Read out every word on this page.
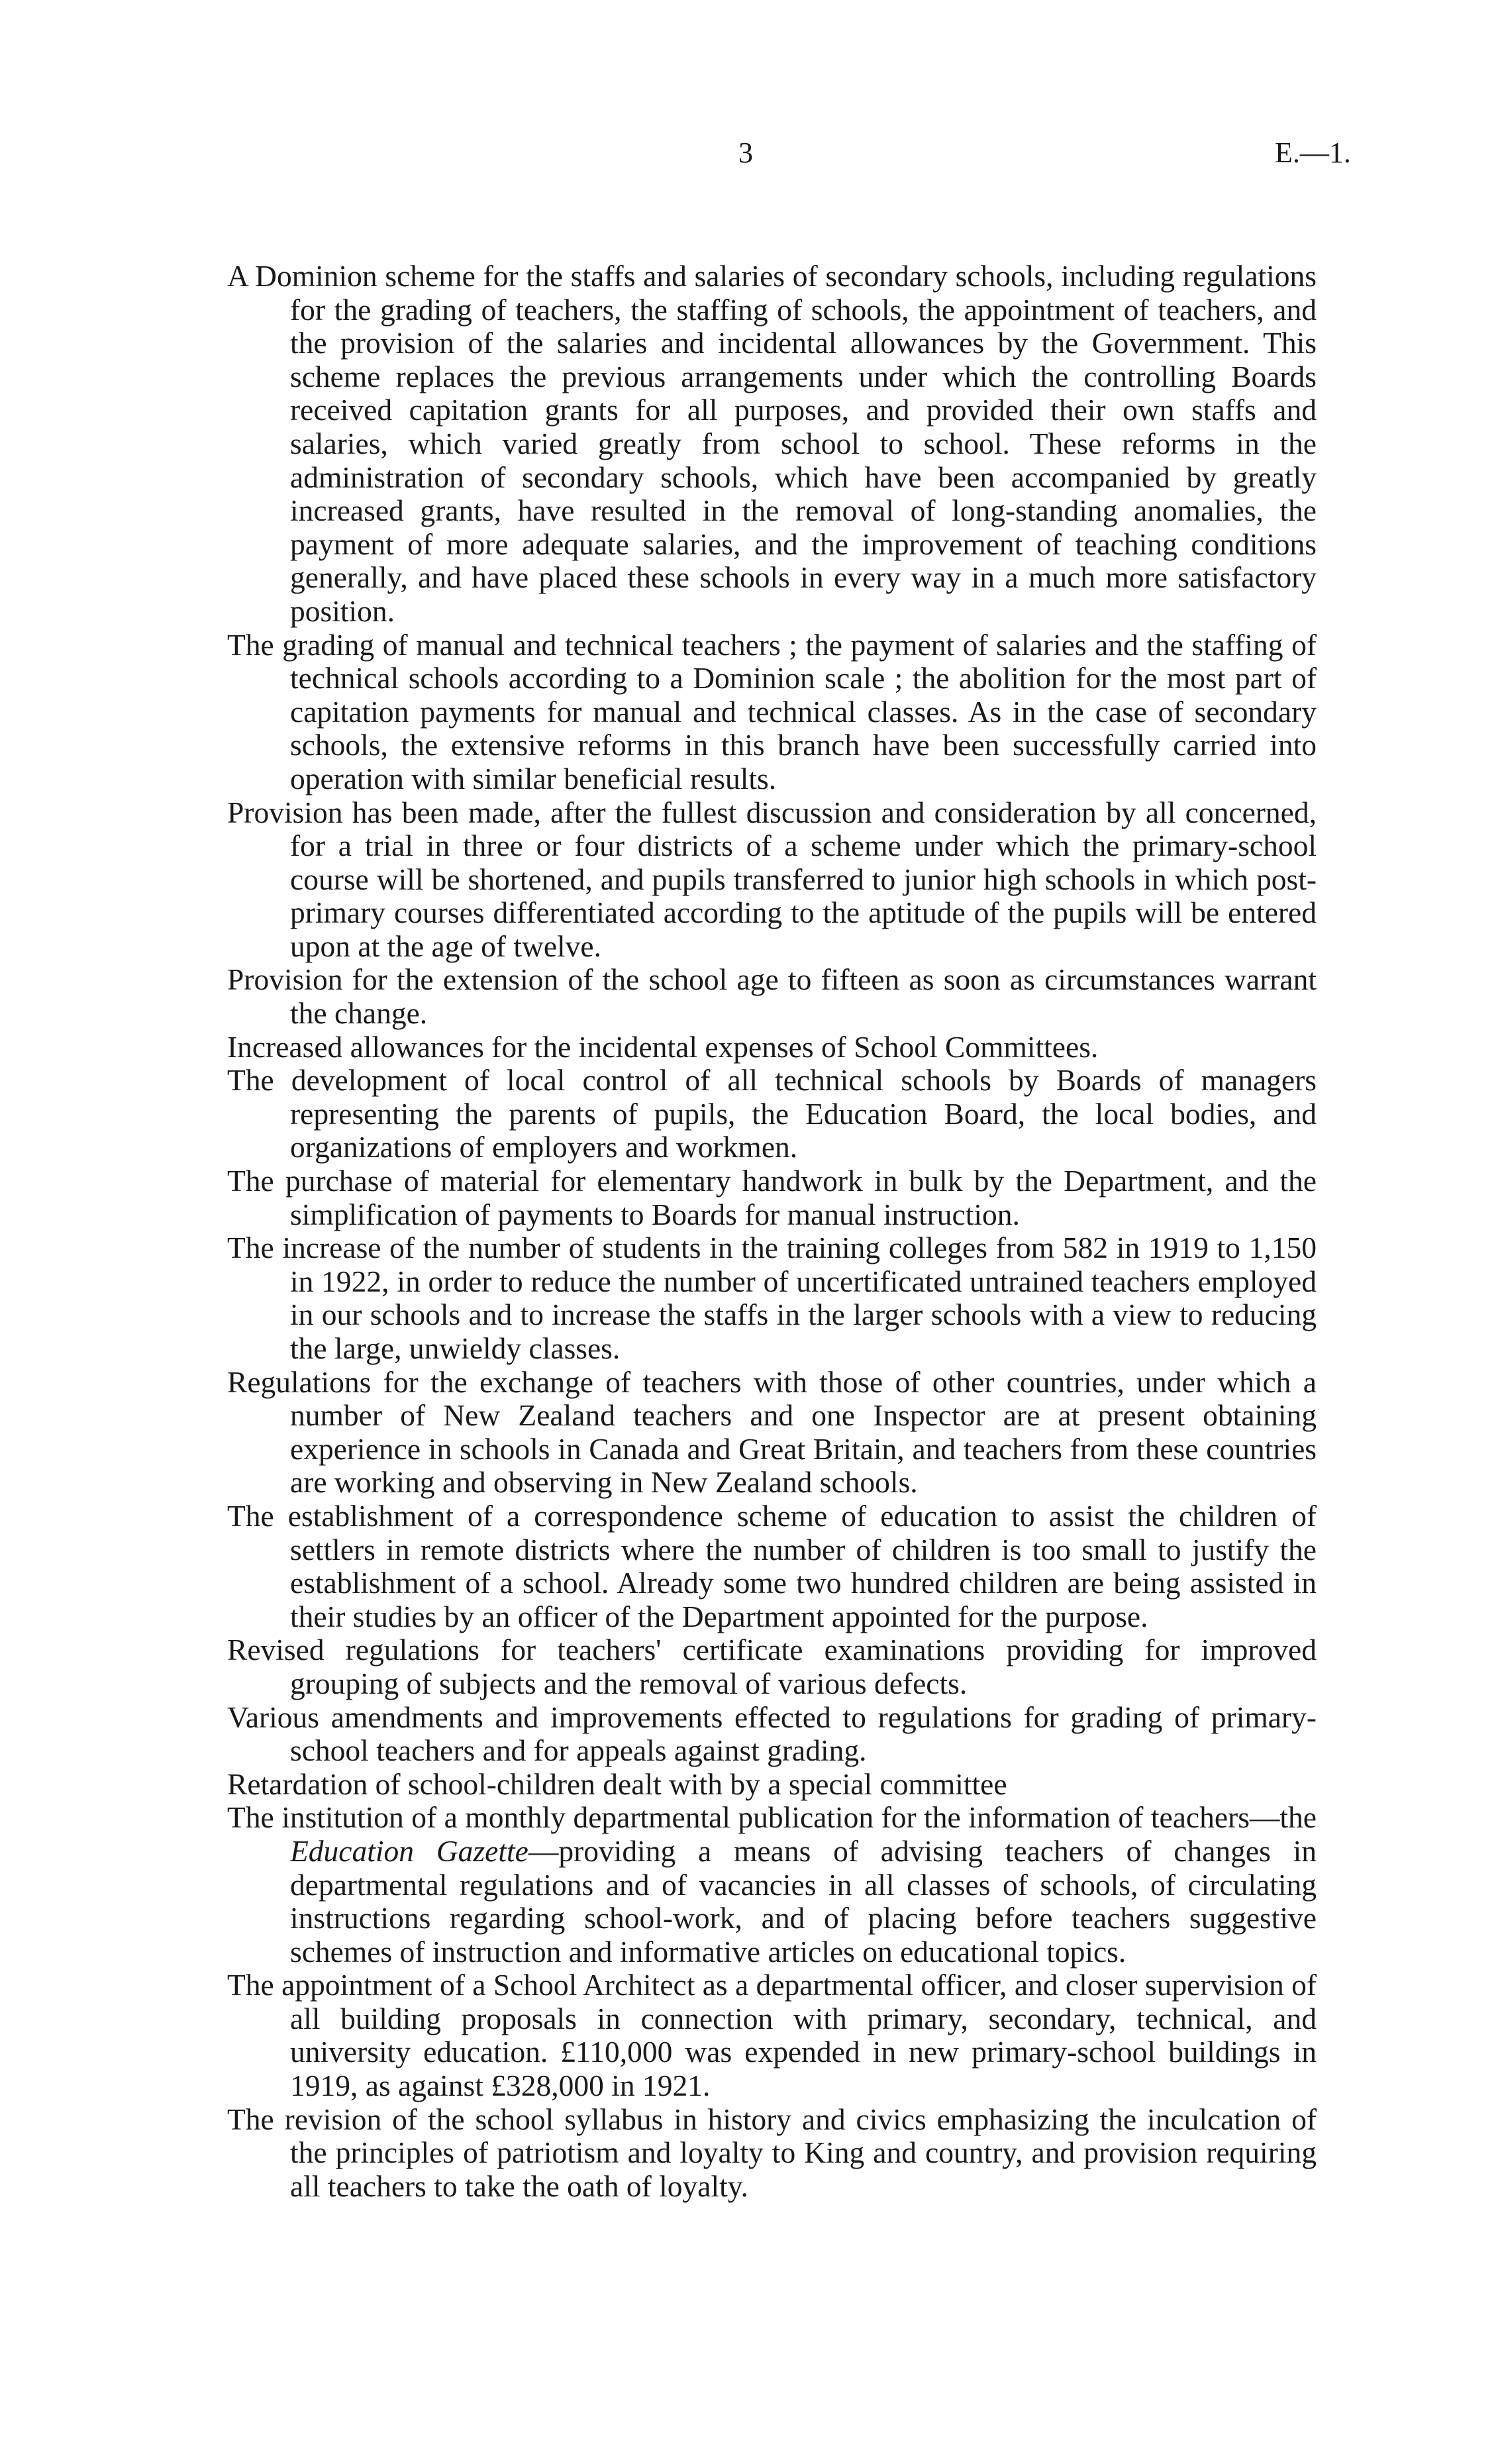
3	E.—1.

A Dominion scheme for the staffs and salaries of secondary schools, including regulations for the grading of teachers, the staffing of schools, the appointment of teachers, and the provision of the salaries and incidental allowances by the Government. This scheme replaces the previous arrangements under which the controlling Boards received capitation grants for all purposes, and provided their own staffs and salaries, which varied greatly from school to school. These reforms in the administration of secondary schools, which have been accompanied by greatly increased grants, have resulted in the removal of long-standing anomalies, the payment of more adequate salaries, and the improvement of teaching conditions generally, and have placed these schools in every way in a much more satisfactory position.

The grading of manual and technical teachers ; the payment of salaries and the staffing of technical schools according to a Dominion scale ; the abolition for the most part of capitation payments for manual and technical classes. As in the case of secondary schools, the extensive reforms in this branch have been successfully carried into operation with similar beneficial results.

Provision has been made, after the fullest discussion and consideration by all concerned, for a trial in three or four districts of a scheme under which the primary-school course will be shortened, and pupils transferred to junior high schools in which post-primary courses differentiated according to the aptitude of the pupils will be entered upon at the age of twelve.

Provision for the extension of the school age to fifteen as soon as circumstances warrant the change.

Increased allowances for the incidental expenses of School Committees.

The development of local control of all technical schools by Boards of managers representing the parents of pupils, the Education Board, the local bodies, and organizations of employers and workmen.

The purchase of material for elementary handwork in bulk by the Department, and the simplification of payments to Boards for manual instruction.

The increase of the number of students in the training colleges from 582 in 1919 to 1,150 in 1922, in order to reduce the number of uncertificated untrained teachers employed in our schools and to increase the staffs in the larger schools with a view to reducing the large, unwieldy classes.

Regulations for the exchange of teachers with those of other countries, under which a number of New Zealand teachers and one Inspector are at present obtaining experience in schools in Canada and Great Britain, and teachers from these countries are working and observing in New Zealand schools.

The establishment of a correspondence scheme of education to assist the children of settlers in remote districts where the number of children is too small to justify the establishment of a school. Already some two hundred children are being assisted in their studies by an officer of the Department appointed for the purpose.

Revised regulations for teachers' certificate examinations providing for improved grouping of subjects and the removal of various defects.

Various amendments and improvements effected to regulations for grading of primary-school teachers and for appeals against grading.

Retardation of school-children dealt with by a special committee

The institution of a monthly departmental publication for the information of teachers—the Education Gazette—providing a means of advising teachers of changes in departmental regulations and of vacancies in all classes of schools, of circulating instructions regarding school-work, and of placing before teachers suggestive schemes of instruction and informative articles on educational topics.

The appointment of a School Architect as a departmental officer, and closer supervision of all building proposals in connection with primary, secondary, technical, and university education. £110,000 was expended in new primary-school buildings in 1919, as against £328,000 in 1921.

The revision of the school syllabus in history and civics emphasizing the inculcation of the principles of patriotism and loyalty to King and country, and provision requiring all teachers to take the oath of loyalty.
